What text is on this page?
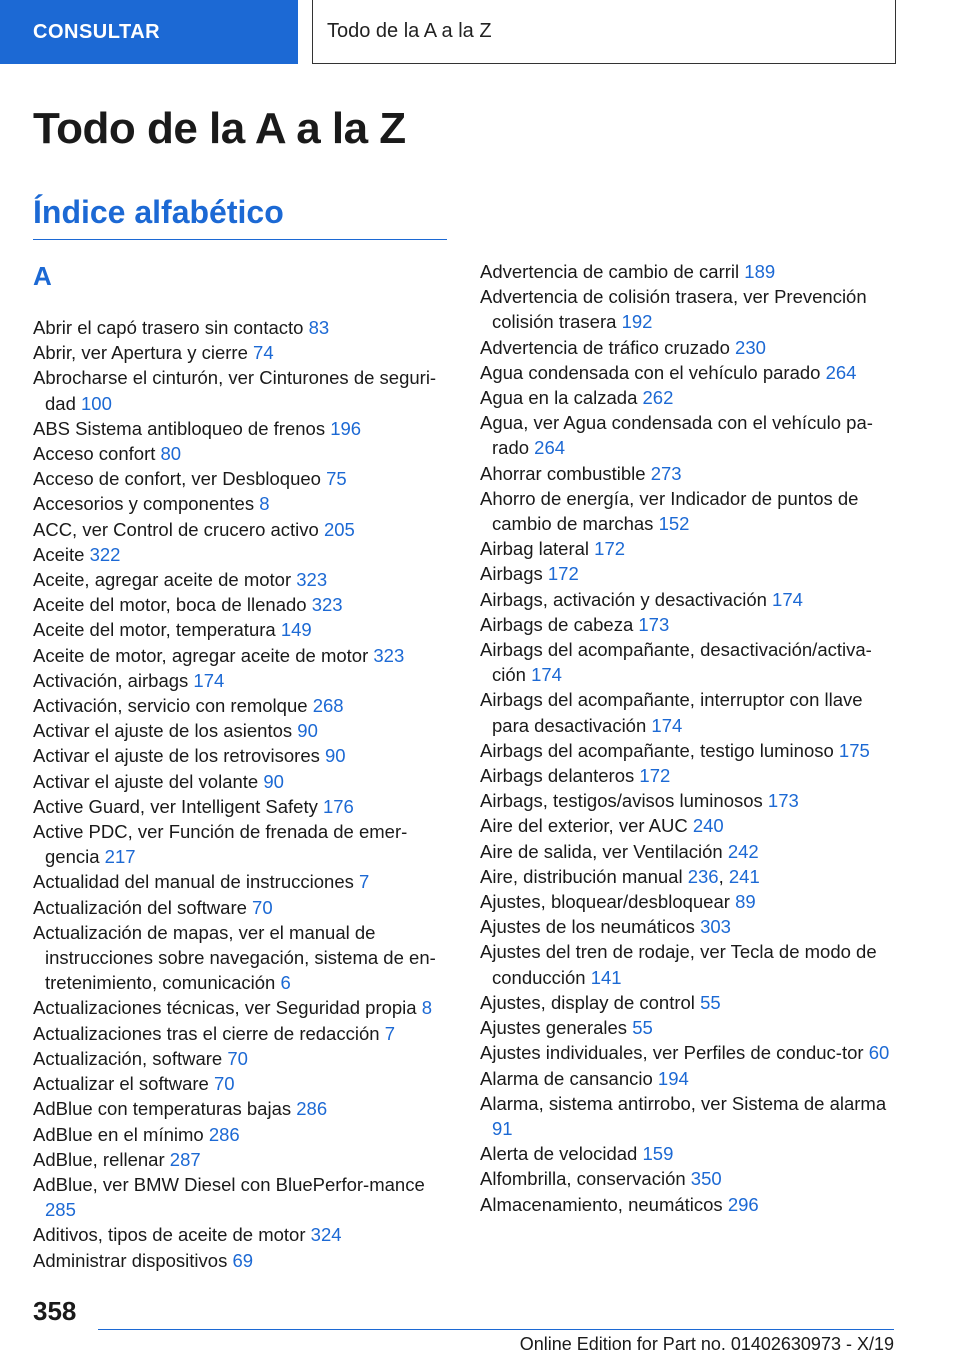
CONSULTAR	Todo de la A a la Z
Todo de la A a la Z
Índice alfabético
A
Abrir el capó trasero sin contacto 83
Abrir, ver Apertura y cierre 74
Abrocharse el cinturón, ver Cinturones de seguri-dad 100
ABS Sistema antibloqueo de frenos 196
Acceso confort 80
Acceso de confort, ver Desbloqueo 75
Accesorios y componentes 8
ACC, ver Control de crucero activo 205
Aceite 322
Aceite, agregar aceite de motor 323
Aceite del motor, boca de llenado 323
Aceite del motor, temperatura 149
Aceite de motor, agregar aceite de motor 323
Activación, airbags 174
Activación, servicio con remolque 268
Activar el ajuste de los asientos 90
Activar el ajuste de los retrovisores 90
Activar el ajuste del volante 90
Active Guard, ver Intelligent Safety 176
Active PDC, ver Función de frenada de emer-gencia 217
Actualidad del manual de instrucciones 7
Actualización del software 70
Actualización de mapas, ver el manual de instrucciones sobre navegación, sistema de en-tretenimiento, comunicación 6
Actualizaciones técnicas, ver Seguridad propia 8
Actualizaciones tras el cierre de redacción 7
Actualización, software 70
Actualizar el software 70
AdBlue con temperaturas bajas 286
AdBlue en el mínimo 286
AdBlue, rellenar 287
AdBlue, ver BMW Diesel con BluePerfor-mance 285
Aditivos, tipos de aceite de motor 324
Administrar dispositivos 69
Advertencia de cambio de carril 189
Advertencia de colisión trasera, ver Prevención colisión trasera 192
Advertencia de tráfico cruzado 230
Agua condensada con el vehículo parado 264
Agua en la calzada 262
Agua, ver Agua condensada con el vehículo pa-rado 264
Ahorrar combustible 273
Ahorro de energía, ver Indicador de puntos de cambio de marchas 152
Airbag lateral 172
Airbags 172
Airbags, activación y desactivación 174
Airbags de cabeza 173
Airbags del acompañante, desactivación/activa-ción 174
Airbags del acompañante, interruptor con llave para desactivación 174
Airbags del acompañante, testigo luminoso 175
Airbags delanteros 172
Airbags, testigos/avisos luminosos 173
Aire del exterior, ver AUC 240
Aire de salida, ver Ventilación 242
Aire, distribución manual 236, 241
Ajustes, bloquear/desbloquear 89
Ajustes de los neumáticos 303
Ajustes del tren de rodaje, ver Tecla de modo de conducción 141
Ajustes, display de control 55
Ajustes generales 55
Ajustes individuales, ver Perfiles de conduc-tor 60
Alarma de cansancio 194
Alarma, sistema antirrobo, ver Sistema de alarma 91
Alerta de velocidad 159
Alfombrilla, conservación 350
Almacenamiento, neumáticos 296
358
Online Edition for Part no. 01402630973 - X/19
